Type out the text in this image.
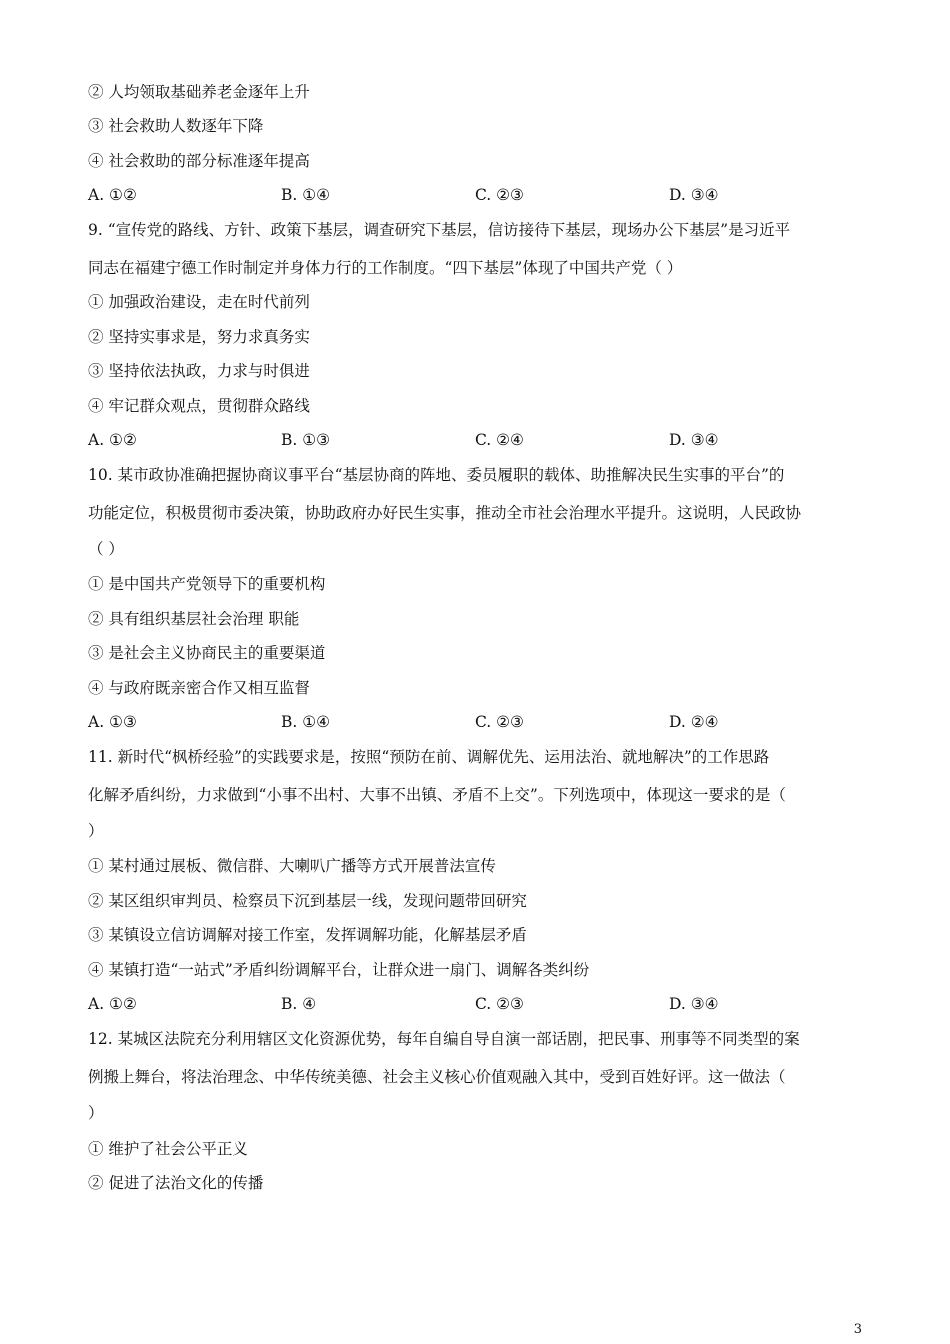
② 人均领取基础养老金逐年上升
③ 社会救助人数逐年下降
④ 社会救助的部分标准逐年提高
A. ①②	B. ①④	C. ②③	D. ③④
9. “宣传党的路线、方针、政策下基层，调查研究下基层，信访接待下基层，现场办公下基层”是习近平
同志在福建宁德工作时制定并身体力行的工作制度。“四下基层”体现了中国共产党（ ）
① 加强政治建设，走在时代前列
② 坚持实事求是，努力求真务实
③ 坚持依法执政，力求与时俱进
④ 牢记群众观点，贯彻群众路线
A. ①②	B. ①③	C. ②④	D. ③④
10. 某市政协准确把握协商议事平台“基层协商的阵地、委员履职的载体、助推解决民生实事的平台”的
功能定位，积极贯彻市委决策，协助政府办好民生实事，推动全市社会治理水平提升。这说明，人民政协
（ ）
① 是中国共产党领导下的重要机构
② 具有组织基层社会治理 职能
③ 是社会主义协商民主的重要渠道
④ 与政府既亲密合作又相互监督
A. ①③	B. ①④	C. ②③	D. ②④
11. 新时代“枫桥经验”的实践要求是，按照“预防在前、调解优先、运用法治、就地解决”的工作思路
化解矛盾纠纷，力求做到“小事不出村、大事不出镇、矛盾不上交”。下列选项中，体现这一要求的是（
）
① 某村通过展板、微信群、大喇叭广播等方式开展普法宣传
② 某区组织审判员、检察员下沉到基层一线，发现问题带回研究
③ 某镇设立信访调解对接工作室，发挥调解功能，化解基层矛盾
④ 某镇打造“一站式”矛盾纠纷调解平台，让群众进一扇门、调解各类纠纷
A. ①②	B. ④	C. ②③	D. ③④
12. 某城区法院充分利用辖区文化资源优势，每年自编自导自演一部话剧，把民事、刑事等不同类型的案
例搬上舞台，将法治理念、中华传统美德、社会主义核心价值观融入其中，受到百姓好评。这一做法（
）
① 维护了社会公平正义
② 促进了法治文化的传播
3
